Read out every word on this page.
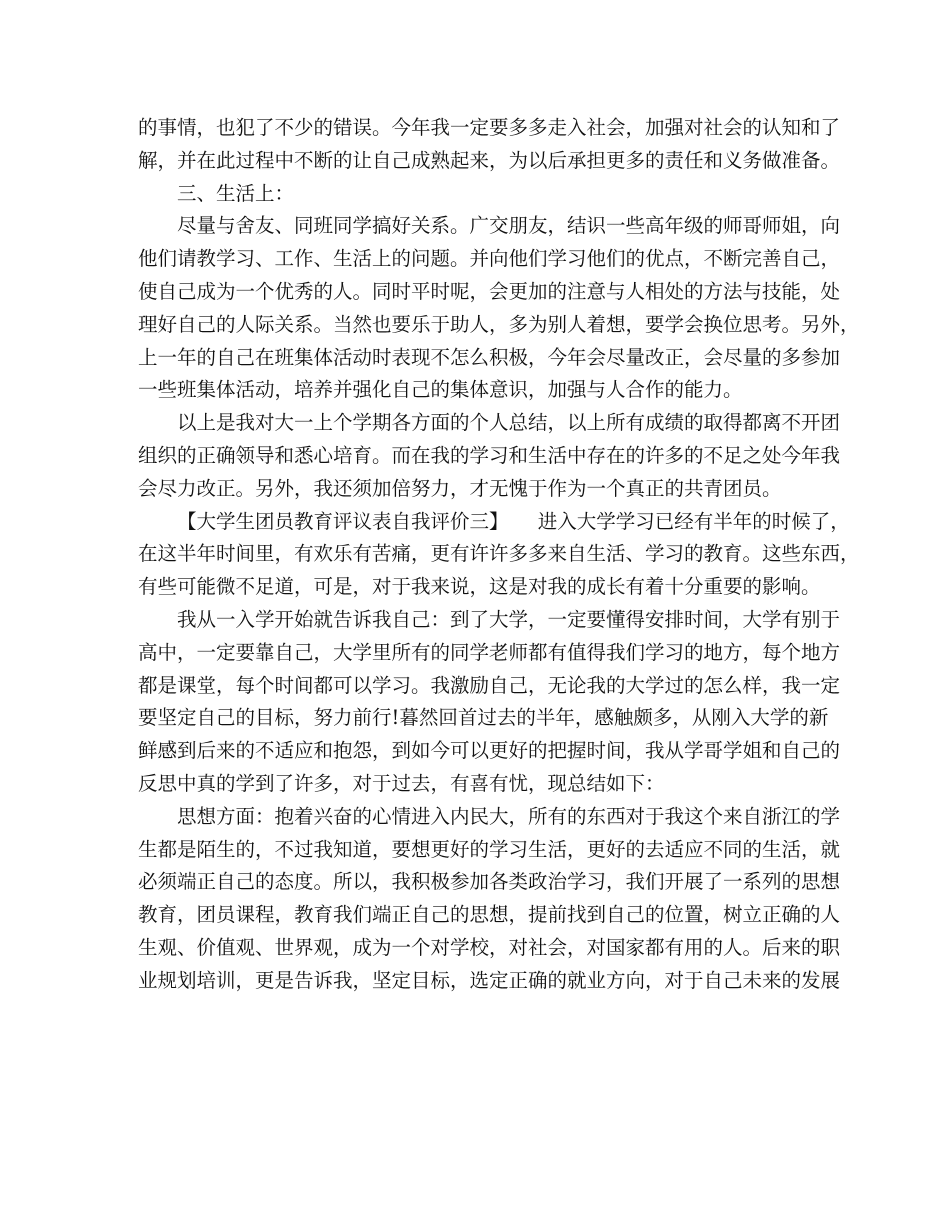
的事情，也犯了不少的错误。今年我一定要多多走入社会，加强对社会的认知和了
解，并在此过程中不断的让自己成熟起来，为以后承担更多的责任和义务做准备。
三、生活上：
尽量与舍友、同班同学搞好关系。广交朋友，结识一些高年级的师哥师姐，向
他们请教学习、工作、生活上的问题。并向他们学习他们的优点，不断完善自己，
使自己成为一个优秀的人。同时平时呢，会更加的注意与人相处的方法与技能，处
理好自己的人际关系。当然也要乐于助人，多为别人着想，要学会换位思考。另外，
上一年的自己在班集体活动时表现不怎么积极，今年会尽量改正，会尽量的多参加
一些班集体活动，培养并强化自己的集体意识，加强与人合作的能力。
以上是我对大一上个学期各方面的个人总结，以上所有成绩的取得都离不开团
组织的正确领导和悉心培育。而在我的学习和生活中存在的许多的不足之处今年我
会尽力改正。另外，我还须加倍努力，才无愧于作为一个真正的共青团员。
【大学生团员教育评议表自我评价三】　　进入大学学习已经有半年的时候了，
在这半年时间里，有欢乐有苦痛，更有许许多多来自生活、学习的教育。这些东西，
有些可能微不足道，可是，对于我来说，这是对我的成长有着十分重要的影响。
我从一入学开始就告诉我自己：到了大学，一定要懂得安排时间，大学有别于
高中，一定要靠自己，大学里所有的同学老师都有值得我们学习的地方，每个地方
都是课堂，每个时间都可以学习。我激励自己，无论我的大学过的怎么样，我一定
要坚定自己的目标，努力前行!暮然回首过去的半年，感触颇多，从刚入大学的新
鲜感到后来的不适应和抱怨，到如今可以更好的把握时间，我从学哥学姐和自己的
反思中真的学到了许多，对于过去，有喜有忧，现总结如下：
思想方面：抱着兴奋的心情进入内民大，所有的东西对于我这个来自浙江的学
生都是陌生的，不过我知道，要想更好的学习生活，更好的去适应不同的生活，就
必须端正自己的态度。所以，我积极参加各类政治学习，我们开展了一系列的思想
教育，团员课程，教育我们端正自己的思想，提前找到自己的位置，树立正确的人
生观、价值观、世界观，成为一个对学校，对社会，对国家都有用的人。后来的职
业规划培训，更是告诉我，坚定目标，选定正确的就业方向，对于自己未来的发展
